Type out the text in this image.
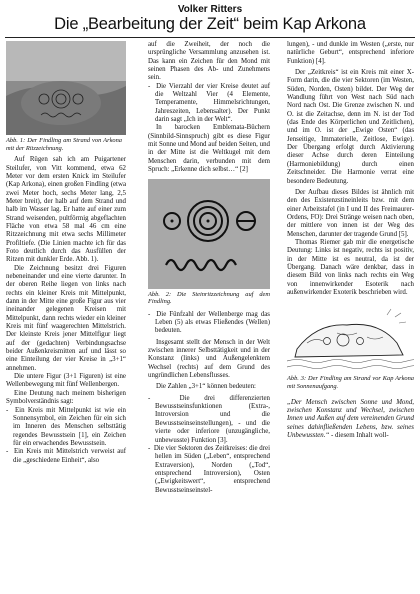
Volker Ritters
Die „Bearbeitung der Zeit“ beim Kap Arkona
Abb. 1: Der Findling am Strand von Arkona mit der Ritzzeichnung.

Auf Rügen sah ich am Puigartener Steilufer, von Vitt kommend, etwa 62 Meter vor dem ersten Knick im Steilufer (Kap Arkona), einen großen Findling (etwa zwei Meter hoch, sechs Meter lang, 2,5 Meter breit), der halb auf dem Strand und halb im Wasser lag. Er hatte auf einer zum Strand weisenden, pultförmig abgeflachten Fläche von etwa 58 mal 46 cm eine Ritzzeichnung mit etwa sechs Millimeter Profiltiefe. (Die Linien machte ich für das Foto deutlich durch das Ausfüllen der Ritzen mit dunkler Erde. Abb. 1).

Die Zeichnung besitzt drei Figuren nebeneinander und eine vierte darunter. In der oberen Reihe liegen von links nach rechts ein kleiner Kreis mit Mittelpunkt, dann in der Mitte eine große Figur aus vier ineinander gelegenen Kreisen mit Mittelpunkt, dann rechts wieder ein kleiner Kreis mit fünf waagerechten Mittelstrich. Der kleinste Kreis jener Mittelfigur liegt auf der (gedachten) Verbindungsachse beider Außenkreismitten auf und lässt so eine Einteilung der vier Kreise in „3+1“ annehmen.

Die untere Figur (3+1 Figuren) ist eine Wellenbewegung mit fünf Wellenbergen.

Eine Deutung nach meinem bisherigen Symbolverständnis sagt:

-  Ein Kreis mit Mittelpunkt ist wie ein Sonnensymbol, ein Zeichen für ein sich im Inneren des Menschen selbsttätig regendes Bewusstsein [1], ein Zeichen für ein erwachendes Bewusstsein.
-  Ein Kreis mit Mittelstrich verweist auf die „geschiedene Einheit“, also

auf die Zweiheit, der noch die ursprüngliche Versammlung anzusehen ist. Das kann ein Zeichen für den Mond mit seinen Phasen des Ab- und Zunehmens sein.

-  Die Vierzahl der vier Kreise deutet auf die Weltzahl Vier (4 Elemente, Temperamente, Himmelsrichtungen, Jahreszeiten, Lebensalter). Der Punkt darin sagt „Ich in der Welt“.

In barocken Emblemata-Büchern (Sinnbild-Sinnspruch) gibt es diese Figur mit Sonne und Mond auf beiden Seiten, und in der Mitte ist die Weltkugel mit dem Menschen darin, verbunden mit dem Spruch: „Erkenne dich selbst…“ [2]

Abb. 2: Die Steinritzzeichnung auf dem Findling.
-  Die Fünfzahl der Wellenberge mag das Leben (5) als etwas Fließendes (Wellen) bedeuten.

Insgesamt stellt der Mensch in der Welt zwischen innerer Selbsttätigkeit und in der Konstanz (links) und Außengelenktem Wechsel (rechts) auf dem Grund des ungründlichen Lebensflusses.

Die Zahlen „3+1“ können bedeuten:

-  Die drei differenzierten Bewusstseinsfunktionen (Extra-, Introversion und die Bewusstseinseinstellungen), - und die vierte oder inferiore (unzugängliche, unbewusste) Funktion [3].
-  Die vier Sektoren des Zeitkreises: die drei hellen im Süden („Leben“, entsprechend Extraversion), Norden („Tod“, entsprechend Introversion), Osten („Ewigkeitswert“, entsprechend Bewusstseinseinstel-

lungen), - und dunkle im Westen („erste, nur natürliche Geburt“, entsprechend inferiore Funktion) [4].

Der „Zeitkreis“ ist ein Kreis mit einer X-Form darin, die die vier Sektoren (im Westen, Süden, Norden, Osten) bildet. Der Weg der Wandlung führt von West nach Süd nach Nord nach Ost. Die Grenze zwischen N. und O. ist die Zeitachse, denn im N. ist der Tod (das Ende des Körperlichen und Zeitlichen), und im O. ist der „Ewige Osten“ (das Jenseitige, Immaterielle, Zeitlose, Ewige). Der Übergang erfolgt durch Aktivierung dieser Achse durch deren Einteilung (Harmoniebildung) durch einen Zeitschneider. Die Harmonie verrat eine besondere Bedeutung.

Der Aufbau dieses Bildes ist ähnlich mit den des Existenzstineinleits bzw. mit dem einer Arbeitstafel (in I und II des Freimaurer-Ordens, FO): Drei Stränge weisen nach oben, der mittlere von innen ist der Weg des Menschen, darunter der tragende Grund [5].

Thomas Riemer gab mir die energetische Deutung: Links ist negativ, rechts ist positiv, in der Mitte ist es neutral, da ist der Übergang. Danach wäre denkbar, dass in diesem Bild von links nach rechts ein Weg von innenwirkender Esoterik nach außenwirkender Exoterik beschrieben wird.

Abb. 3: Der Findling am Strand vor Kap Arkona mit Sonnenaufgang.

„Der Mensch zwischen Sonne und Mond, zwischen Konstanz und Wechsel, zwischen Innen und Außen auf dem vereinenden Grund seines dahinfließenden Lebens, bzw. seines Unbewussten.“ - diesem Inhalt woll-
